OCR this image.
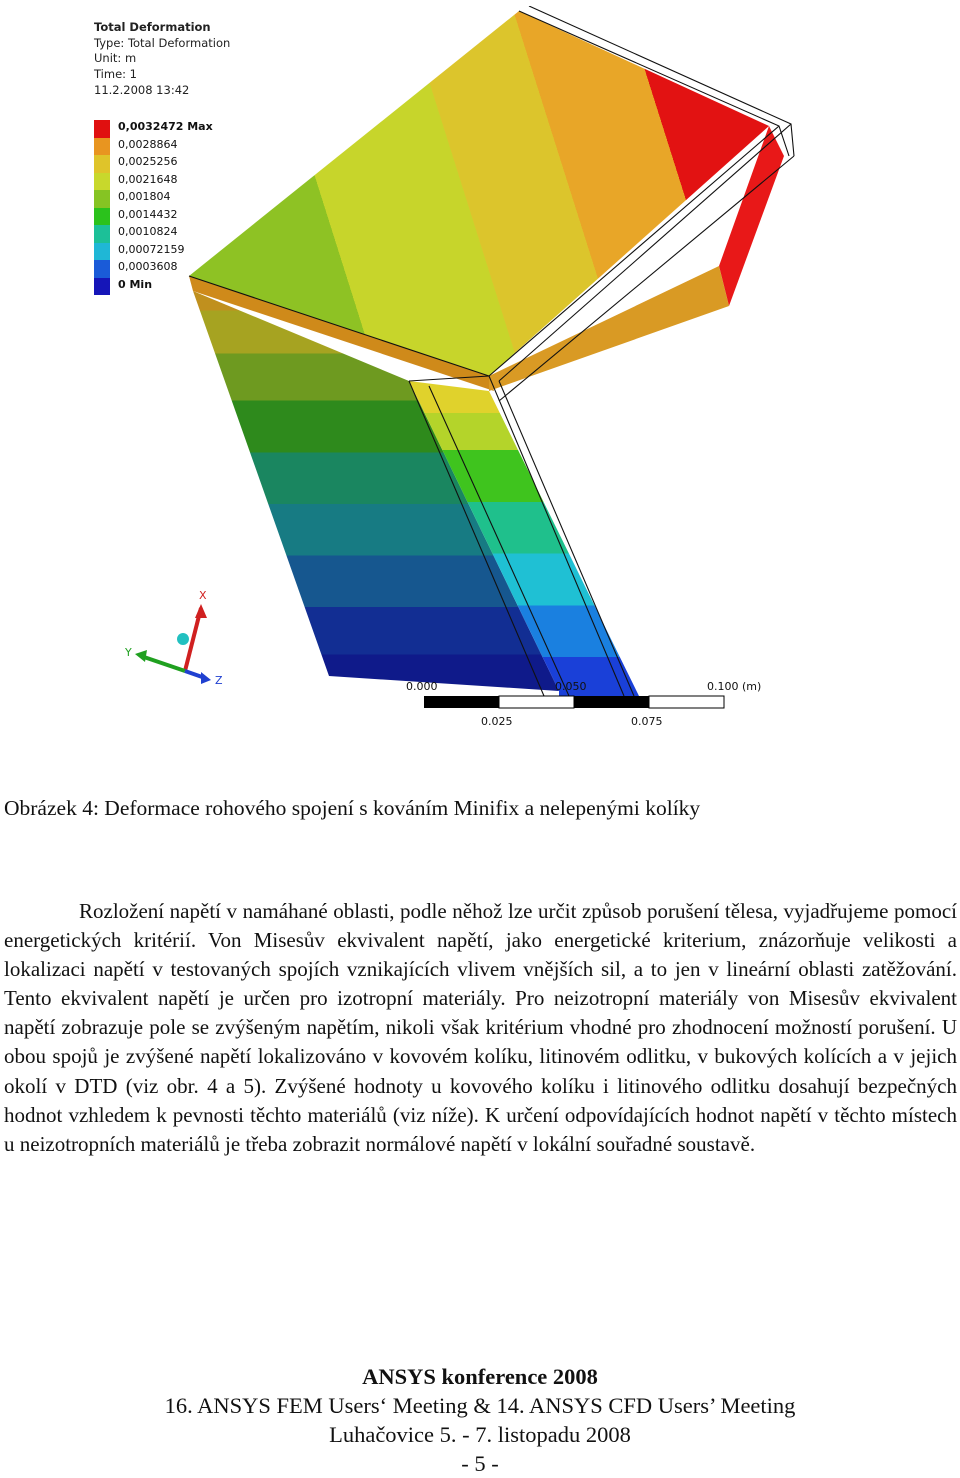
X
Y
Z
Total Deformation
Type: Total Deformation
Unit: m
Time: 1
11.2.2008 13:42
0,0032472 Max
0,0028864
0,0025256
0,0021648
0,001804
0,0014432
0,0010824
0,00072159
0,0003608
0 Min
0.000	0.050	0.100 (m)
0.025	0.075
Obrázek 4: Deformace rohového spojení s kováním Minifix a nelepenými kolíky

Rozložení napětí v namáhané oblasti, podle něhož lze určit způsob porušení tělesa, vyjadřujeme pomocí energetických kritérií. Von Misesův ekvivalent napětí, jako energetické kriterium, znázorňuje velikosti a lokalizaci napětí v testovaných spojích vznikajících vlivem vnějších sil, a to jen v lineární oblasti zatěžování. Tento ekvivalent napětí je určen pro izotropní materiály. Pro neizotropní materiály von Misesův ekvivalent napětí zobrazuje pole se zvýšeným napětím, nikoli však kritérium vhodné pro zhodnocení možností porušení. U obou spojů je zvýšené napětí lokalizováno v kovovém kolíku, litinovém odlitku, v bukových kolících a v jejich okolí v DTD (viz obr. 4 a 5). Zvýšené hodnoty u kovového kolíku i litinového odlitku dosahují bezpečných hodnot vzhledem k pevnosti těchto materiálů (viz níže). K určení odpovídajících hodnot napětí v těchto místech u neizotropních materiálů je třeba zobrazit normálové napětí v lokální souřadné soustavě.

ANSYS konference 2008
16. ANSYS FEM Users‘ Meeting & 14. ANSYS CFD Users’ Meeting
Luhačovice 5. - 7. listopadu 2008
- 5 -
